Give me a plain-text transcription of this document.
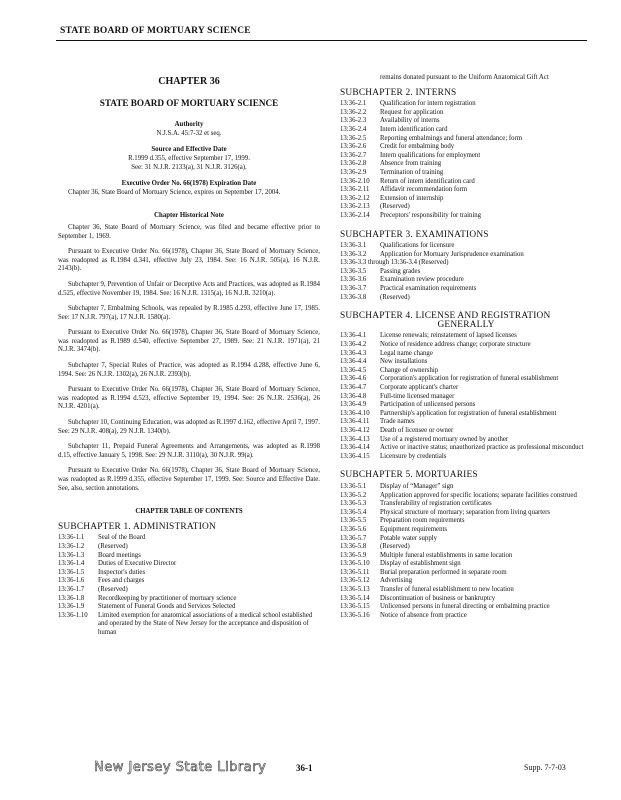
STATE BOARD OF MORTUARY SCIENCE
CHAPTER 36
STATE BOARD OF MORTUARY SCIENCE

Authority

N.J.S.A. 45:7-32 et seq.

Source and Effective Date

R.1999 d.355, effective September 17, 1999.

See: 31 N.J.R. 2133(a), 31 N.J.R. 3126(a).

Executive Order No. 66(1978) Expiration Date

Chapter 36, State Board of Mortuary Science, expires on September 17, 2004.

Chapter Historical Note

Chapter 36, State Board of Mortuary Science, was filed and became effective prior to September 1, 1969.

Pursuant to Executive Order No. 66(1978), Chapter 36, State Board of Mortuary Science, was readopted as R.1984 d.341, effective July 23, 1984. See: 16 N.J.R. 505(a), 16 N.J.R. 2143(b).

Subchapter 9, Prevention of Unfair or Deceptive Acts and Practices, was adopted as R.1984 d.525, effective November 19, 1984. See: 16 N.J.R. 1315(a), 16 N.J.R. 3210(a).

Subchapter 7, Embalming Schools, was repealed by R.1985 d.293, effective June 17, 1985. See: 17 N.J.R. 797(a), 17 N.J.R. 1580(a).

Pursuant to Executive Order No. 66(1978), Chapter 36, State Board of Mortuary Science, was readopted as R.1989 d.540, effective September 27, 1989. See: 21 N.J.R. 1971(a), 21 N.J.R. 3474(b).

Subchapter 7, Special Rules of Practice, was adopted as R.1994 d.288, effective June 6, 1994. See: 26 N.J.R. 1302(a), 26 N.J.R. 2393(b).

Pursuant to Executive Order No. 66(1978), Chapter 36, State Board of Mortuary Science, was readopted as R.1994 d.523, effective September 19, 1994. See: 26 N.J.R. 2536(a), 26 N.J.R. 4201(a).

Subchapter 10, Continuing Education, was adopted as R.1997 d.162, effective April 7, 1997. See: 29 N.J.R. 408(a), 29 N.J.R. 1340(b).

Subchapter 11, Prepaid Funeral Agreements and Arrangements, was adopted as R.1998 d.15, effective January 5, 1998. See: 29 N.J.R. 3110(a), 30 N.J.R. 99(a).

Pursuant to Executive Order No. 66(1978), Chapter 36, State Board of Mortuary Science, was readopted as R.1999 d.355, effective September 17, 1999. See: Source and Effective Date. See, also, section annotations.

CHAPTER TABLE OF CONTENTS

SUBCHAPTER 1. ADMINISTRATION
13:36-1.1	Seal of the Board
13:36-1.2	(Reserved)
13:36-1.3	Board meetings
13:36-1.4	Duties of Executive Director
13:36-1.5	Inspector's duties
13:36-1.6	Fees and charges
13:36-1.7	(Reserved)
13:36-1.8	Recordkeeping by practitioner of mortuary science
13:36-1.9	Statement of Funeral Goods and Services Selected
13:36-1.10	Limited exemption for anatomical associations of a medical school established and operated by the State of New Jersey for the acceptance and disposition of human
remains donated pursuant to the Uniform Anatomical Gift Act
SUBCHAPTER 2. INTERNS
13:36-2.1	Qualification for intern registration
13:36-2.2	Request for application
13:36-2.3	Availability of interns
13:36-2.4	Intern identification card
13:36-2.5	Reporting embalmings and funeral attendance; form
13:36-2.6	Credit for embalming body
13:36-2.7	Intern qualifications for employment
13:36-2.8	Absence from training
13:36-2.9	Termination of training
13:36-2.10	Return of intern identification card
13:36-2.11	Affidavit recommendation form
13:36-2.12	Extension of internship
13:36-2.13	(Reserved)
13:36-2.14	Preceptors' responsibility for training
SUBCHAPTER 3. EXAMINATIONS
13:36-3.1	Qualifications for licensure
13:36-3.2	Application for Mortuary Jurisprudence examination
13:36-3.3 through 13:36-3.4 (Reserved)
13:36-3.5	Passing grades
13:36-3.6	Examination review procedure
13:36-3.7	Practical examination requirements
13:36-3.8	(Reserved)
SUBCHAPTER 4. LICENSE AND REGISTRATION
GENERALLY
13:36-4.1	License renewals; reinstatement of lapsed licenses
13:36-4.2	Notice of residence address change; corporate structure
13:36-4.3	Legal name change
13:36-4.4	New installations
13:36-4.5	Change of ownership
13:36-4.6	Corporation's application for registration of funeral establishment
13:36-4.7	Corporate applicant's charter
13:36-4.8	Full-time licensed manager
13:36-4.9	Participation of unlicensed persons
13:36-4.10	Partnership's application for registration of funeral establishment
13:36-4.11	Trade names
13:36-4.12	Death of licensee or owner
13:36-4.13	Use of a registered mortuary owned by another
13:36-4.14	Active or inactive status; unauthorized practice as professional misconduct
13:36-4.15	Licensure by credentials
SUBCHAPTER 5. MORTUARIES
13:36-5.1	Display of “Manager” sign
13:36-5.2	Application approved for specific locations; separate facilities construed
13:36-5.3	Transferability of registration certificates
13:36-5.4	Physical structure of mortuary; separation from living quarters
13:36-5.5	Preparation room requirements
13:36-5.6	Equipment requirements
13:36-5.7	Potable water supply
13:36-5.8	(Reserved)
13:36-5.9	Multiple funeral establishments in same location
13:36-5.10	Display of establishment sign
13:36-5.11	Burial preparation performed in separate room
13:36-5.12	Advertising
13:36-5.13	Transfer of funeral establishment to new location
13:36-5.14	Discontinuation of business or bankruptcy
13:36-5.15	Unlicensed persons in funeral directing or embalming practice
13:36-5.16	Notice of absence from practice
New Jersey State Library	36-1	Supp. 7-7-03
